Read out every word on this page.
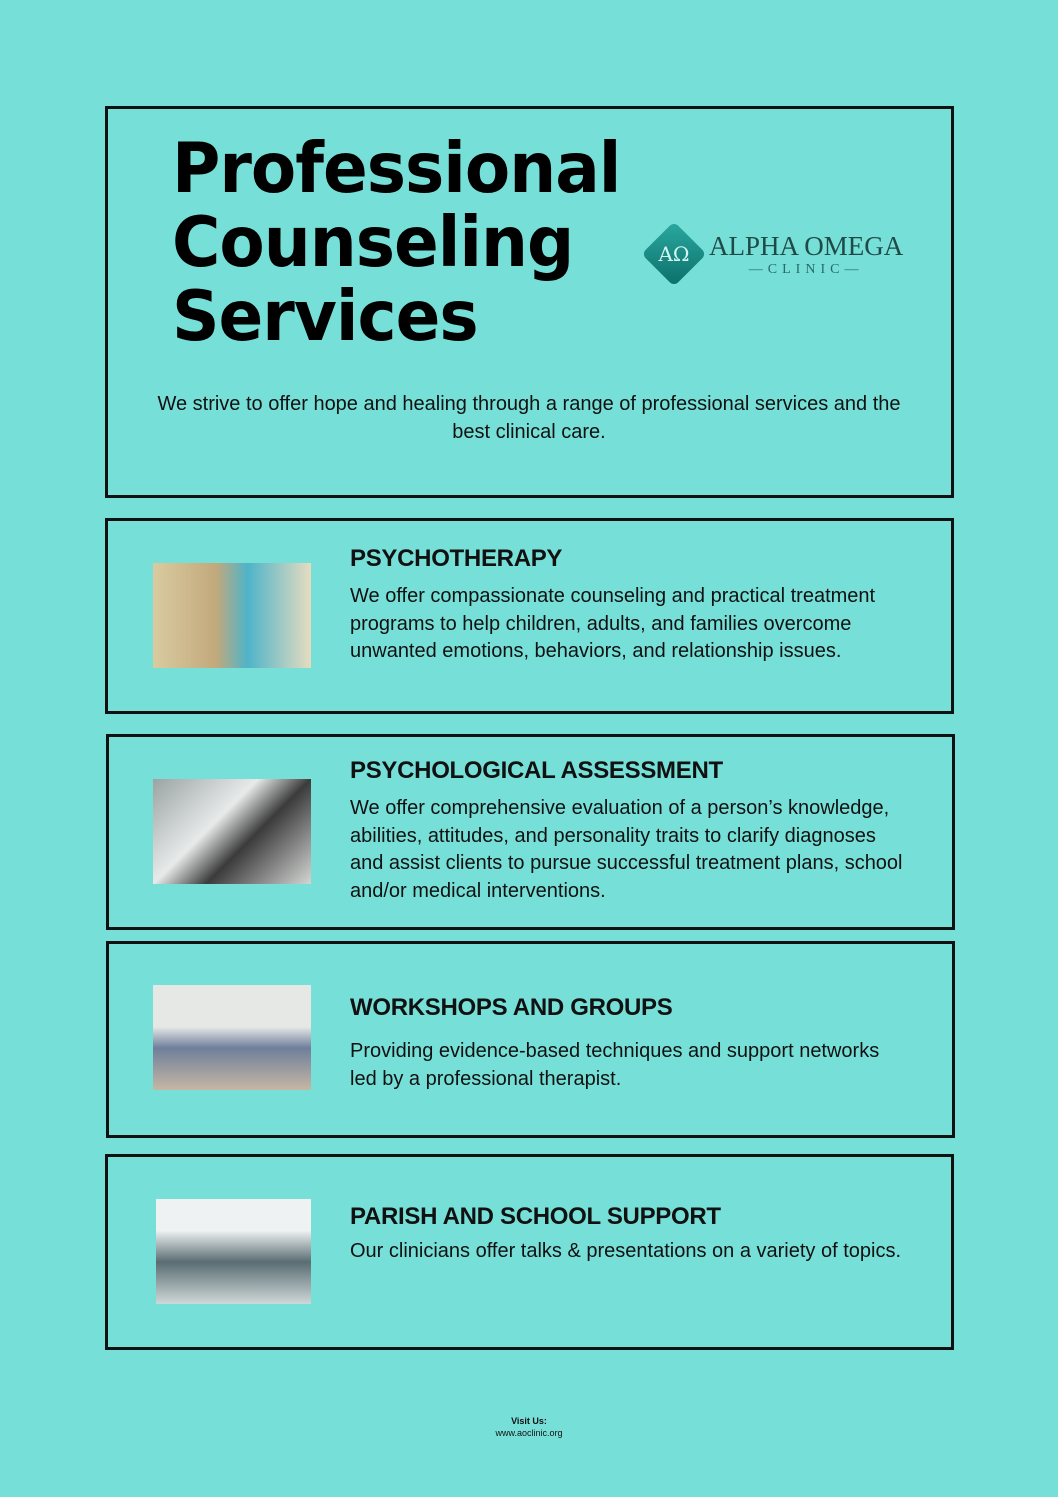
Professional
Counseling
Services
AΩ ALPHA OMEGA
—CLINIC—
We strive to offer hope and healing through a range of professional services and the best clinical care.
PSYCHOTHERAPY
We offer compassionate counseling and practical treatment programs to help children, adults, and families overcome unwanted emotions, behaviors, and relationship issues.
PSYCHOLOGICAL ASSESSMENT
We offer comprehensive evaluation of a person’s knowledge, abilities, attitudes, and personality traits to clarify diagnoses and assist clients to pursue successful treatment plans, school and/or medical interventions.
WORKSHOPS AND GROUPS
Providing evidence-based techniques and support networks led by a professional therapist.
PARISH AND SCHOOL SUPPORT
Our clinicians offer talks & presentations on a variety of topics.
Visit Us:
www.aoclinic.org
